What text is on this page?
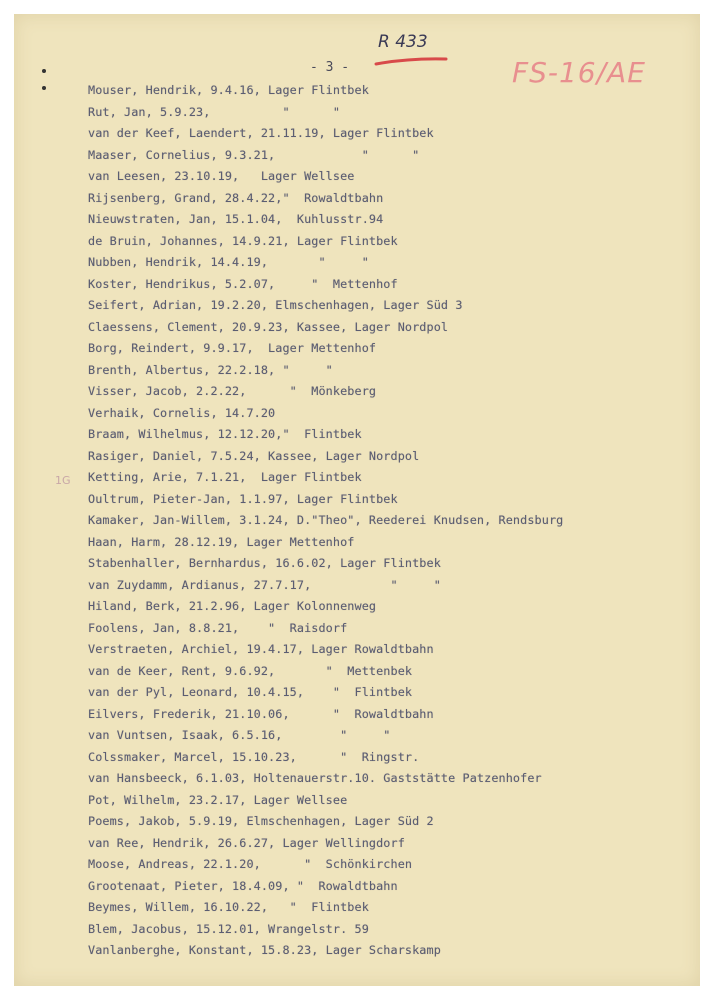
- 3 -
R 433
FS-16/AE
1G
Mouser, Hendrik, 9.4.16, Lager Flintbek
Rut, Jan, 5.9.23,          "      "
van der Keef, Laendert, 21.11.19, Lager Flintbek
Maaser, Cornelius, 9.3.21,            "      "
van Leesen, 23.10.19,   Lager Wellsee
Rijsenberg, Grand, 28.4.22,"  Rowaldtbahn
Nieuwstraten, Jan, 15.1.04,  Kuhlusstr.94
de Bruin, Johannes, 14.9.21, Lager Flintbek
Nubben, Hendrik, 14.4.19,       "     "
Koster, Hendrikus, 5.2.07,     "  Mettenhof
Seifert, Adrian, 19.2.20, Elmschenhagen, Lager Süd 3
Claessens, Clement, 20.9.23, Kassee, Lager Nordpol
Borg, Reindert, 9.9.17,  Lager Mettenhof
Brenth, Albertus, 22.2.18, "     "
Visser, Jacob, 2.2.22,      "  Mönkeberg
Verhaik, Cornelis, 14.7.20
Braam, Wilhelmus, 12.12.20,"  Flintbek
Rasiger, Daniel, 7.5.24, Kassee, Lager Nordpol
Ketting, Arie, 7.1.21,  Lager Flintbek
Oultrum, Pieter-Jan, 1.1.97, Lager Flintbek
Kamaker, Jan-Willem, 3.1.24, D."Theo", Reederei Knudsen, Rendsburg
Haan, Harm, 28.12.19, Lager Mettenhof
Stabenhaller, Bernhardus, 16.6.02, Lager Flintbek
van Zuydamm, Ardianus, 27.7.17,           "     "
Hiland, Berk, 21.2.96, Lager Kolonnenweg
Foolens, Jan, 8.8.21,    "  Raisdorf
Verstraeten, Archiel, 19.4.17, Lager Rowaldtbahn
van de Keer, Rent, 9.6.92,       "  Mettenbek
van der Pyl, Leonard, 10.4.15,    "  Flintbek
Eilvers, Frederik, 21.10.06,      "  Rowaldtbahn
van Vuntsen, Isaak, 6.5.16,        "     "
Colssmaker, Marcel, 15.10.23,      "  Ringstr.
van Hansbeeck, 6.1.03, Holtenauerstr.10. Gaststätte Patzenhofer
Pot, Wilhelm, 23.2.17, Lager Wellsee
Poems, Jakob, 5.9.19, Elmschenhagen, Lager Süd 2
van Ree, Hendrik, 26.6.27, Lager Wellingdorf
Moose, Andreas, 22.1.20,      "  Schönkirchen
Grootenaat, Pieter, 18.4.09, "  Rowaldtbahn
Beymes, Willem, 16.10.22,   "  Flintbek
Blem, Jacobus, 15.12.01, Wrangelstr. 59
Vanlanberghe, Konstant, 15.8.23, Lager Scharskamp
